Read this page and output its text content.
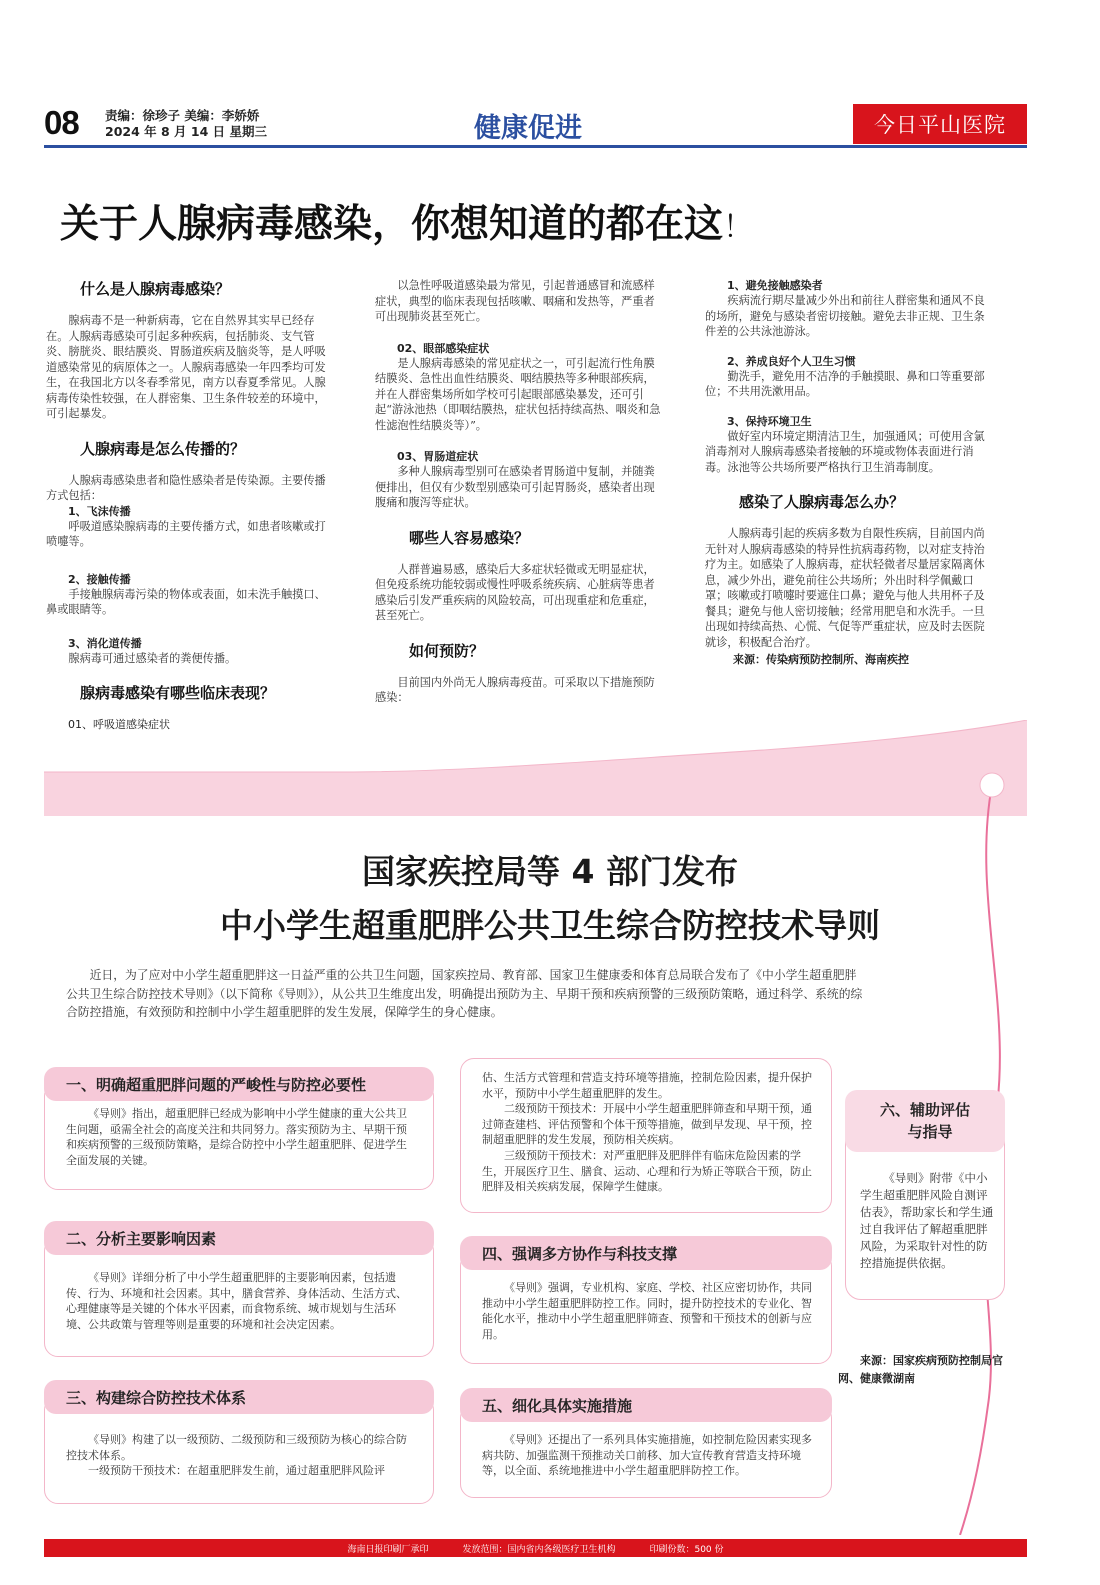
08 责编：徐珍子 美编：李娇娇
2024 年 8 月 14 日 星期三	健康促进	今日平山医院
关于人腺病毒感染，你想知道的都在这！
什么是人腺病毒感染？
腺病毒不是一种新病毒，它在自然界其实早已经存在。人腺病毒感染可引起多种疾病，包括肺炎、支气管炎、膀胱炎、眼结膜炎、胃肠道疾病及脑炎等，是人呼吸道感染常见的病原体之一。人腺病毒感染一年四季均可发生，在我国北方以冬春季常见，南方以春夏季常见。人腺病毒传染性较强，在人群密集、卫生条件较差的环境中，可引起暴发。
人腺病毒是怎么传播的？
人腺病毒感染患者和隐性感染者是传染源。主要传播方式包括：
1、飞沫传播
呼吸道感染腺病毒的主要传播方式，如患者咳嗽或打喷嚏等。
2、接触传播
手接触腺病毒污染的物体或表面，如未洗手触摸口、鼻或眼睛等。
3、消化道传播
腺病毒可通过感染者的粪便传播。
腺病毒感染有哪些临床表现？
01、呼吸道感染症状
以急性呼吸道感染最为常见，引起普通感冒和流感样症状，典型的临床表现包括咳嗽、咽痛和发热等，严重者可出现肺炎甚至死亡。
02、眼部感染症状
是人腺病毒感染的常见症状之一，可引起流行性角膜结膜炎、急性出血性结膜炎、咽结膜热等多种眼部疾病，并在人群密集场所如学校可引起眼部感染暴发，还可引起“游泳池热（即咽结膜热，症状包括持续高热、咽炎和急性滤泡性结膜炎等）”。
03、胃肠道症状
多种人腺病毒型别可在感染者胃肠道中复制，并随粪便排出，但仅有少数型别感染可引起胃肠炎，感染者出现腹痛和腹泻等症状。
哪些人容易感染？
人群普遍易感，感染后大多症状轻微或无明显症状，但免疫系统功能较弱或慢性呼吸系统疾病、心脏病等患者感染后引发严重疾病的风险较高，可出现重症和危重症，甚至死亡。
如何预防？
目前国内外尚无人腺病毒疫苗。可采取以下措施预防感染：
1、避免接触感染者
疾病流行期尽量减少外出和前往人群密集和通风不良的场所，避免与感染者密切接触。避免去非正规、卫生条件差的公共泳池游泳。
2、养成良好个人卫生习惯
勤洗手，避免用不洁净的手触摸眼、鼻和口等重要部位；不共用洗漱用品。
3、保持环境卫生
做好室内环境定期清洁卫生，加强通风；可使用含氯消毒剂对人腺病毒感染者接触的环境或物体表面进行消毒。泳池等公共场所要严格执行卫生消毒制度。
感染了人腺病毒怎么办？
人腺病毒引起的疾病多数为自限性疾病，目前国内尚无针对人腺病毒感染的特异性抗病毒药物，以对症支持治疗为主。如感染了人腺病毒，症状轻微者尽量居家隔离休息，减少外出，避免前往公共场所；外出时科学佩戴口罩；咳嗽或打喷嚏时要遮住口鼻；避免与他人共用杯子及餐具；避免与他人密切接触；经常用肥皂和水洗手。一旦出现如持续高热、心慌、气促等严重症状，应及时去医院就诊，积极配合治疗。
来源：传染病预防控制所、海南疾控
国家疾控局等 4 部门发布
中小学生超重肥胖公共卫生综合防控技术导则
近日，为了应对中小学生超重肥胖这一日益严重的公共卫生问题，国家疾控局、教育部、国家卫生健康委和体育总局联合发布了《中小学生超重肥胖公共卫生综合防控技术导则》（以下简称《导则》），从公共卫生维度出发，明确提出预防为主、早期干预和疾病预警的三级预防策略，通过科学、系统的综合防控措施，有效预防和控制中小学生超重肥胖的发生发展，保障学生的身心健康。
一、明确超重肥胖问题的严峻性与防控必要性
《导则》指出，超重肥胖已经成为影响中小学生健康的重大公共卫生问题，亟需全社会的高度关注和共同努力。落实预防为主、早期干预和疾病预警的三级预防策略，是综合防控中小学生超重肥胖、促进学生全面发展的关键。
二、分析主要影响因素
《导则》详细分析了中小学生超重肥胖的主要影响因素，包括遗传、行为、环境和社会因素。其中，膳食营养、身体活动、生活方式、心理健康等是关键的个体水平因素，而食物系统、城市规划与生活环境、公共政策与管理等则是重要的环境和社会决定因素。
三、构建综合防控技术体系
《导则》构建了以一级预防、二级预防和三级预防为核心的综合防控技术体系。
一级预防干预技术：在超重肥胖发生前，通过超重肥胖风险评
估、生活方式管理和营造支持环境等措施，控制危险因素，提升保护水平，预防中小学生超重肥胖的发生。
二级预防干预技术：开展中小学生超重肥胖筛查和早期干预，通过筛查建档、评估预警和个体干预等措施，做到早发现、早干预，控制超重肥胖的发生发展，预防相关疾病。
三级预防干预技术：对严重肥胖及肥胖伴有临床危险因素的学生，开展医疗卫生、膳食、运动、心理和行为矫正等联合干预，防止肥胖及相关疾病发展，保障学生健康。
四、强调多方协作与科技支撑
《导则》强调，专业机构、家庭、学校、社区应密切协作，共同推动中小学生超重肥胖防控工作。同时，提升防控技术的专业化、智能化水平，推动中小学生超重肥胖筛查、预警和干预技术的创新与应用。
五、细化具体实施措施
《导则》还提出了一系列具体实施措施，如控制危险因素实现多病共防、加强监测干预推动关口前移、加大宣传教育营造支持环境等，以全面、系统地推进中小学生超重肥胖防控工作。
六、辅助评估
与指导
《导则》附带《中小学生超重肥胖风险自测评估表》，帮助家长和学生通过自我评估了解超重肥胖风险，为采取针对性的防控措施提供依据。
来源：国家疾病预防控制局官网、健康微湖南
海南日报印刷厂承印	发放范围：国内省内各级医疗卫生机构	印刷份数：500 份
